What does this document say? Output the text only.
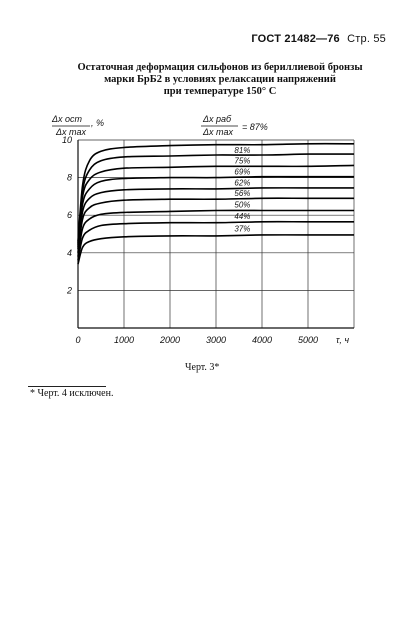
ГОСТ 21482—76 Стр. 55
Остаточная деформация сильфонов из бериллиевой бронзы
марки БрБ2 в условиях релаксации напряжений
при температуре 150° С
0	1000	2000	3000	4000	5000 τ, ч
2
4
6
8
10
Δx ост , %
Δx max
Δx раб
Δx max = 87%
81%
75%
69%
62%
56%
50%
44%
37%
Черт. 3*
* Черт. 4 исключен.
